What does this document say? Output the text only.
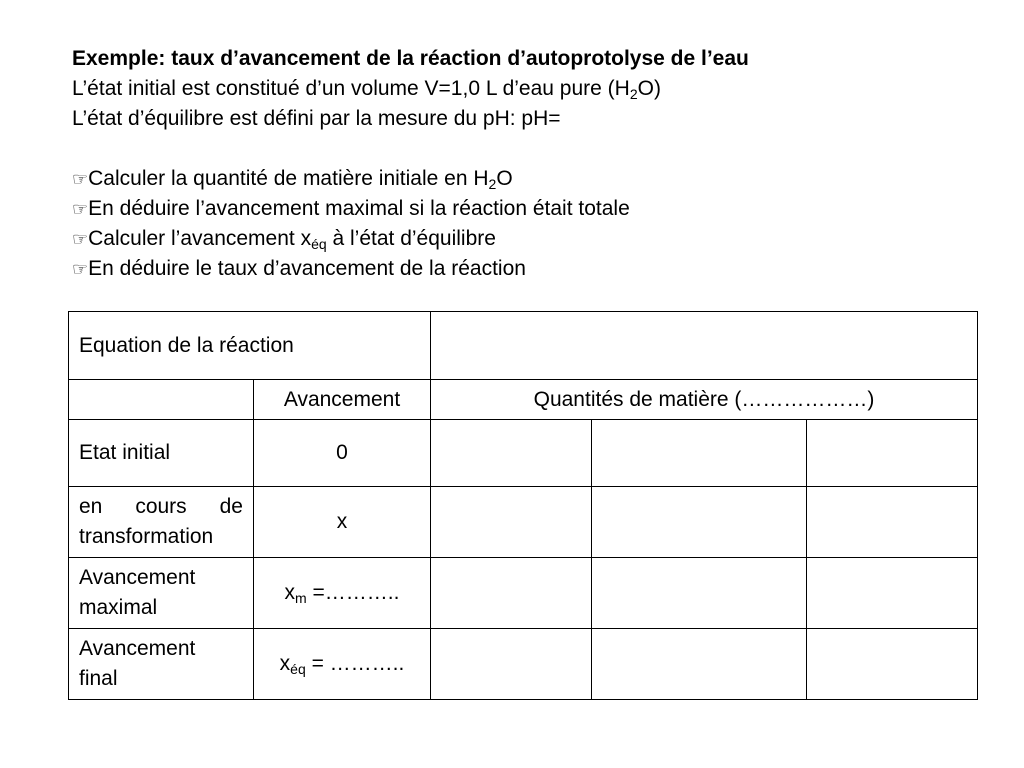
Exemple: taux d’avancement de la réaction d’autoprotolyse de l’eau
L’état initial est constitué d’un volume V=1,0 L d’eau pure $(H_2O)$
L’état d’équilibre est défini par la mesure du pH: pH=
☞Calculer la quantité de matière initiale en $H_2O$
☞En déduire l’avancement maximal si la réaction était totale
☞Calculer l’avancement $x_{éq}$ à l’état d’équilibre
☞En déduire le taux d’avancement de la réaction
Equation de la réaction				
	Avancement	Quantités de matière (………………)		
Etat initial	0			

en cours de
transformation	x			

Avancement
maximal	$x_m$ =………..			

Avancement
final	$x_{éq}$ = ………..			
